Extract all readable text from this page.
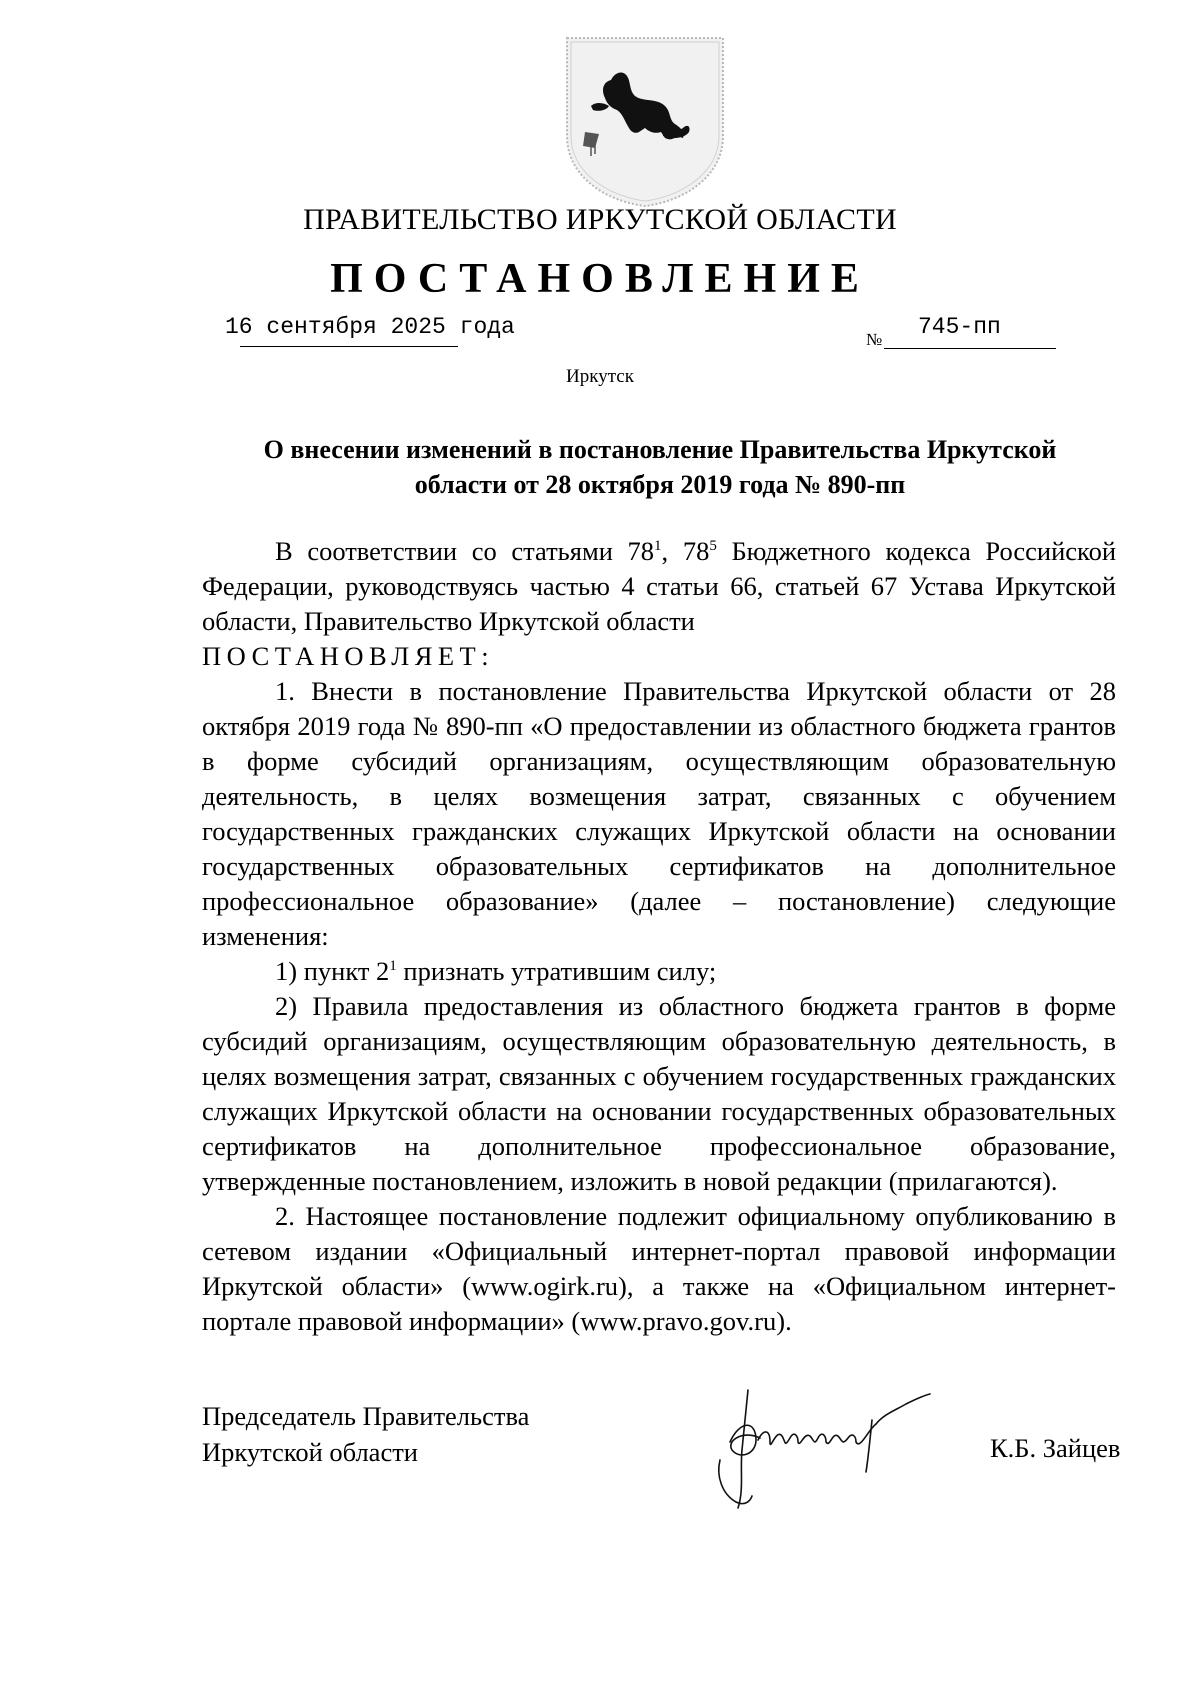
ПРАВИТЕЛЬСТВО ИРКУТСКОЙ ОБЛАСТИ
ПОСТАНОВЛЕНИЕ
16 сентября 2025 года	№ 745-пп
Иркутск
О внесении изменений в постановление Правительства Иркутской
области от 28 октября 2019 года № 890-пп

В соответствии со статьями $78^1$, $78^5$ Бюджетного кодекса Российской Федерации, руководствуясь частью 4 статьи 66, статьей 67 Устава Иркутской области, Правительство Иркутской области

ПОСТАНОВЛЯЕТ:

1. Внести в постановление Правительства Иркутской области от 28 октября 2019 года № 890-пп «О предоставлении из областного бюджета грантов в форме субсидий организациям, осуществляющим образовательную деятельность, в целях возмещения затрат, связанных с обучением государственных гражданских служащих Иркутской области на основании государственных образовательных сертификатов на дополнительное профессиональное образование» (далее – постановление) следующие изменения:

1) пункт $2^1$ признать утратившим силу;

2) Правила предоставления из областного бюджета грантов в форме субсидий организациям, осуществляющим образовательную деятельность, в целях возмещения затрат, связанных с обучением государственных гражданских служащих Иркутской области на основании государственных образовательных сертификатов на дополнительное профессиональное образование, утвержденные постановлением, изложить в новой редакции (прилагаются).

2. Настоящее постановление подлежит официальному опубликованию в сетевом издании «Официальный интернет-портал правовой информации Иркутской области» (www.ogirk.ru), а также на «Официальном интернет-портале правовой информации» (www.pravo.gov.ru).

Председатель Правительства
Иркутской области	К.Б. Зайцев
